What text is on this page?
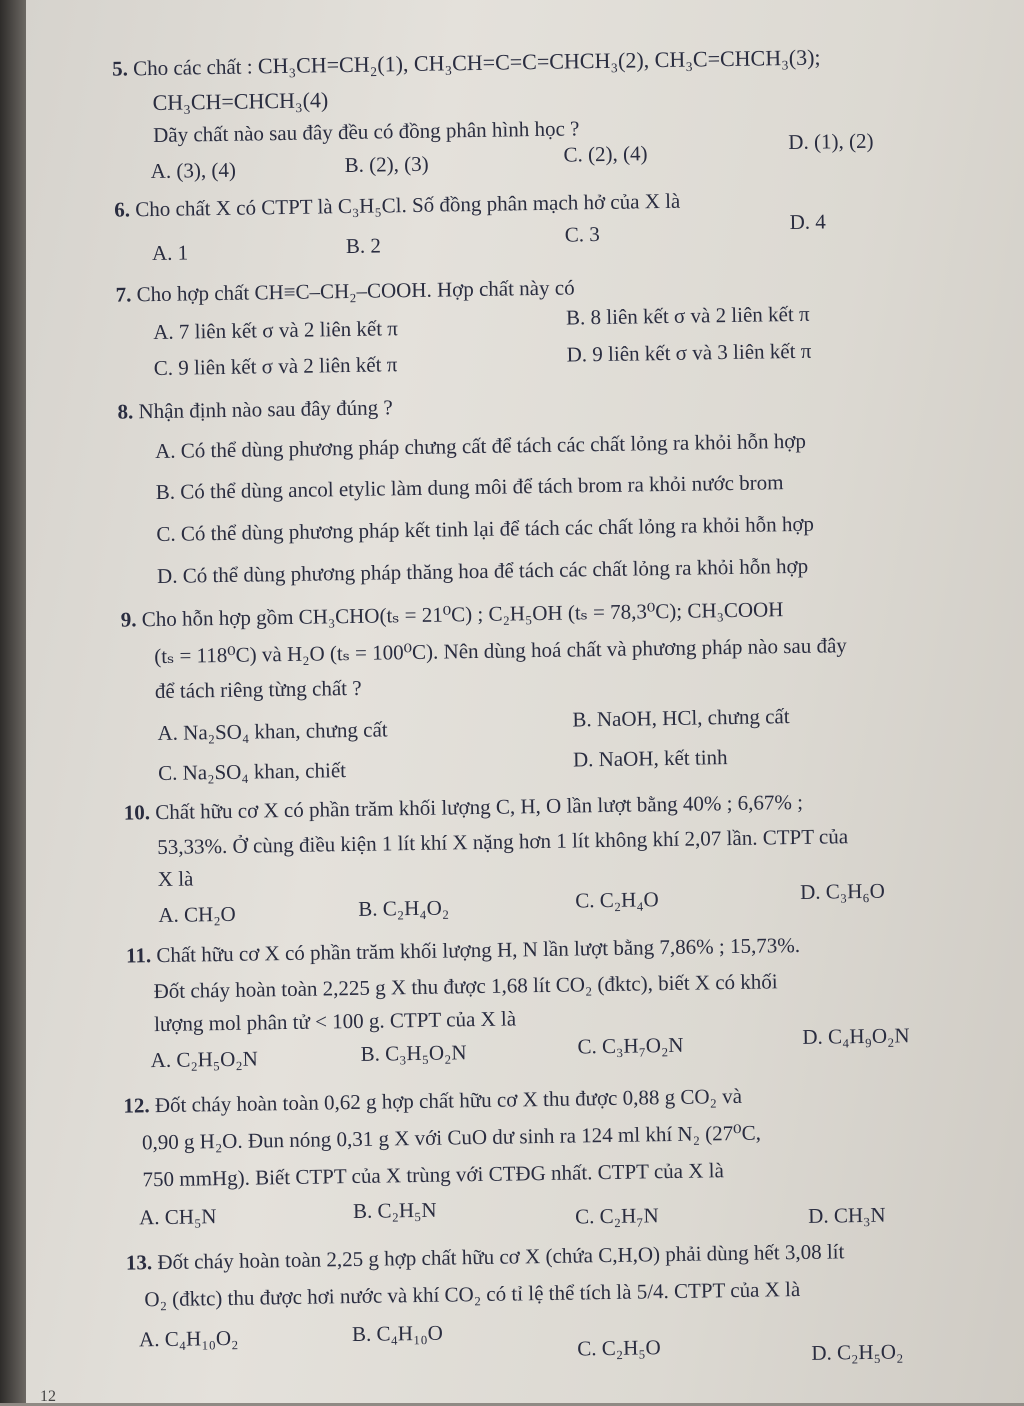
5. Cho các chất : CH₃CH=CH₂(1), CH₃CH=C=C=CHCH₃(2), CH₃C=CHCH₃(3);
CH₃CH=CHCH₃(4)
Dãy chất nào sau đây đều có đồng phân hình học ?
A. (3), (4)	B. (2), (3)	C. (2), (4)	D. (1), (2)
6. Cho chất X có CTPT là C₃H₅Cl. Số đồng phân mạch hở của X là
A. 1	B. 2	C. 3
D. 4
7. Cho hợp chất CH≡C–CH₂–COOH. Hợp chất này có
A. 7 liên kết σ và 2 liên kết π
B. 8 liên kết σ và 2 liên kết π
C. 9 liên kết σ và 2 liên kết π	D. 9 liên kết σ và 3 liên kết π
8. Nhận định nào sau đây đúng ?
A. Có thể dùng phương pháp chưng cất để tách các chất lỏng ra khỏi hỗn hợp
B. Có thể dùng ancol etylic làm dung môi để tách brom ra khỏi nước brom
C. Có thể dùng phương pháp kết tinh lại để tách các chất lỏng ra khỏi hỗn hợp
D. Có thể dùng phương pháp thăng hoa để tách các chất lỏng ra khỏi hỗn hợp
9. Cho hỗn hợp gồm CH₃CHO(tₛ = 21⁰C) ; C₂H₅OH (tₛ = 78,3⁰C); CH₃COOH
(tₛ = 118⁰C) và H₂O (tₛ = 100⁰C). Nên dùng hoá chất và phương pháp nào sau đây
để tách riêng từng chất ?
A. Na₂SO₄ khan, chưng cất	B. NaOH, HCl, chưng cất
C. Na₂SO₄ khan, chiết	D. NaOH, kết tinh
10. Chất hữu cơ X có phần trăm khối lượng C, H, O lần lượt bằng 40% ; 6,67% ;
53,33%. Ở cùng điều kiện 1 lít khí X nặng hơn 1 lít không khí 2,07 lần. CTPT của
X là
A. CH₂O	B. C₂H₄O₂	C. C₂H₄O	D. C₃H₆O
11. Chất hữu cơ X có phần trăm khối lượng H, N lần lượt bằng 7,86% ; 15,73%.
Đốt cháy hoàn toàn 2,225 g X thu được 1,68 lít CO₂ (đktc), biết X có khối
lượng mol phân tử < 100 g. CTPT của X là
A. C₂H₅O₂N	B. C₃H₅O₂N	C. C₃H₇O₂N	D. C₄H₉O₂N
12. Đốt cháy hoàn toàn 0,62 g hợp chất hữu cơ X thu được 0,88 g CO₂ và
0,90 g H₂O. Đun nóng 0,31 g X với CuO dư sinh ra 124 ml khí N₂ (27⁰C,
750 mmHg). Biết CTPT của X trùng với CTĐG nhất. CTPT của X là
A. CH₅N	B. C₂H₅N	C. C₂H₇N	D. CH₃N
13. Đốt cháy hoàn toàn 2,25 g hợp chất hữu cơ X (chứa C,H,O) phải dùng hết 3,08 lít
O₂ (đktc) thu được hơi nước và khí CO₂ có tỉ lệ thể tích là 5/4. CTPT của X là
A. C₄H₁₀O₂	B. C₄H₁₀O
C. C₂H₅O	D. C₂H₅O₂
12
